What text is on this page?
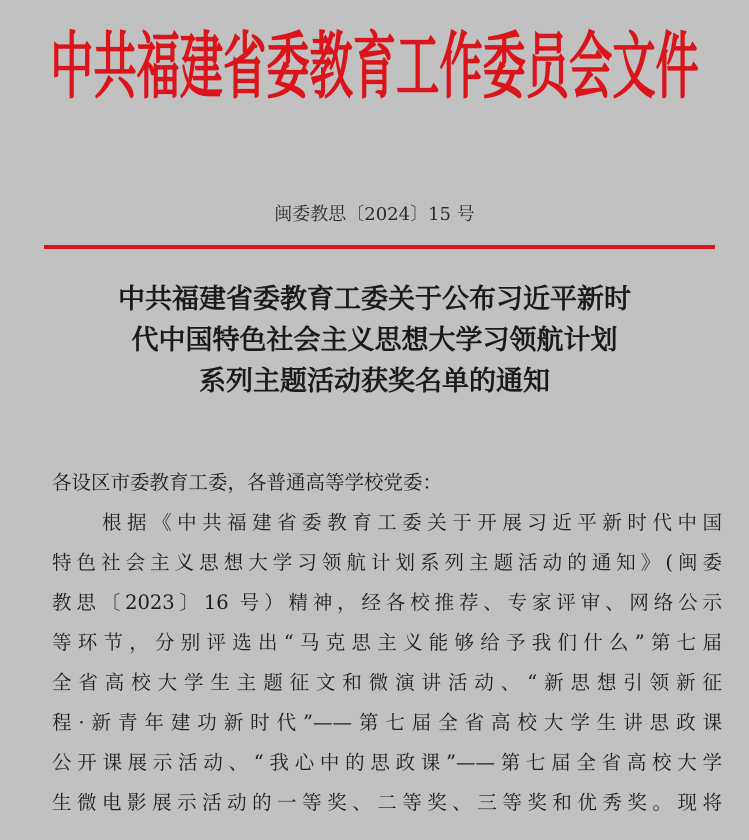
中共福建省委教育工作委员会文件
闽委教思〔2024〕15 号
中共福建省委教育工委关于公布习近平新时
代中国特色社会主义思想大学习领航计划
系列主题活动获奖名单的通知
各设区市委教育工委，各普通高等学校党委：
　　根据《中共福建省委教育工委关于开展习近平新时代中国
特色社会主义思想大学习领航计划系列主题活动的通知》(闽委
教思〔2023〕16 号）精神，经各校推荐、专家评审、网络公示
等环节，分别评选出“马克思主义能够给予我们什么”第七届
全省高校大学生主题征文和微演讲活动、“新思想引领新征
程·新青年建功新时代”——第七届全省高校大学生讲思政课
公开课展示活动、“我心中的思政课”——第七届全省高校大学
生微电影展示活动的一等奖、二等奖、三等奖和优秀奖。现将
